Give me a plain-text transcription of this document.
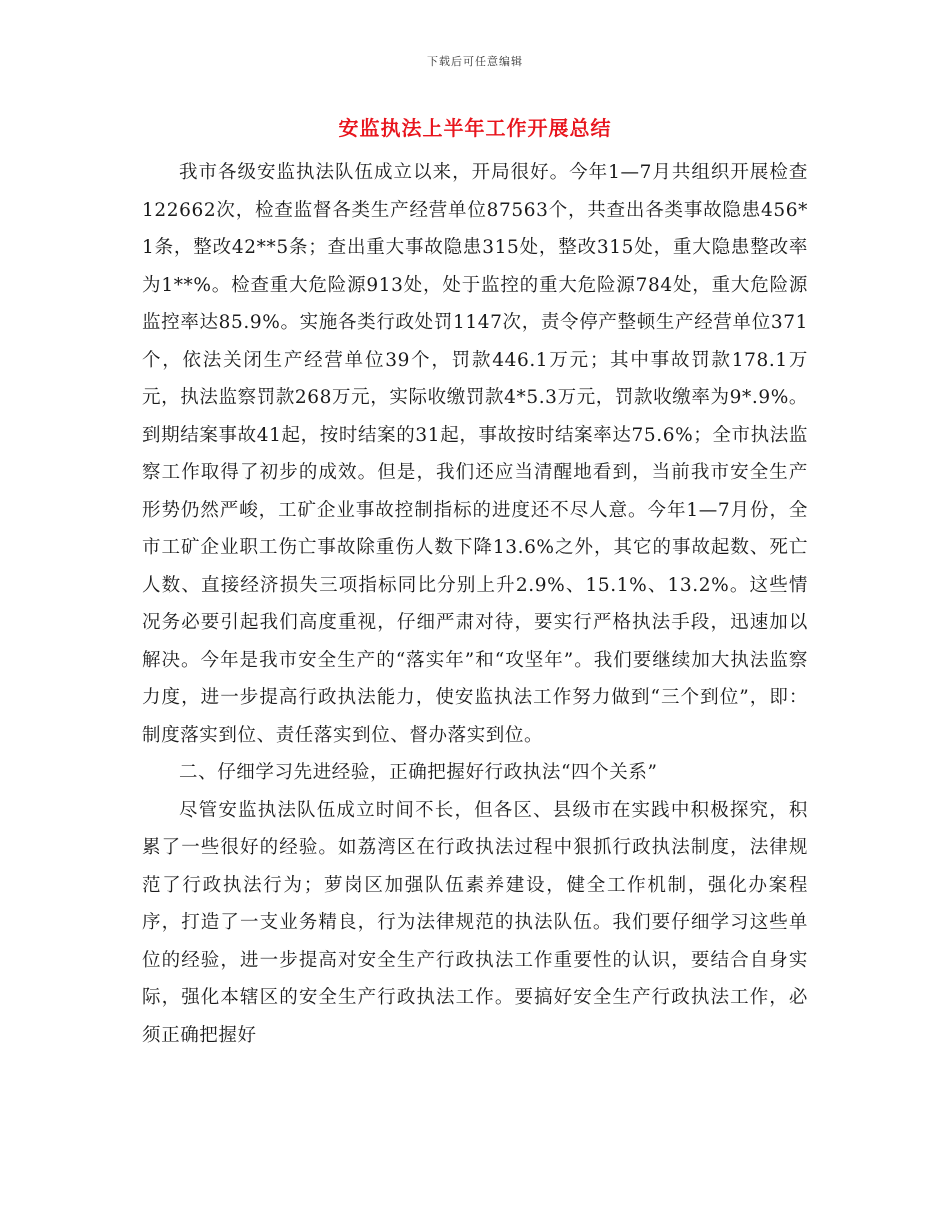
下载后可任意编辑
安监执法上半年工作开展总结

我市各级安监执法队伍成立以来，开局很好。今年1—7月共组织开展检查122662次，检查监督各类生产经营单位87563个，共查出各类事故隐患456*1条，整改42**5条；查出重大事故隐患315处，整改315处，重大隐患整改率为1**%。检查重大危险源913处，处于监控的重大危险源784处，重大危险源监控率达85.9%。实施各类行政处罚1147次，责令停产整顿生产经营单位371个，依法关闭生产经营单位39个，罚款446.1万元；其中事故罚款178.1万元，执法监察罚款268万元，实际收缴罚款4*5.3万元，罚款收缴率为9*.9%。到期结案事故41起，按时结案的31起，事故按时结案率达75.6%；全市执法监察工作取得了初步的成效。但是，我们还应当清醒地看到，当前我市安全生产形势仍然严峻，工矿企业事故控制指标的进度还不尽人意。今年1—7月份，全市工矿企业职工伤亡事故除重伤人数下降13.6%之外，其它的事故起数、死亡人数、直接经济损失三项指标同比分别上升2.9%、15.1%、13.2%。这些情况务必要引起我们高度重视，仔细严肃对待，要实行严格执法手段，迅速加以解决。今年是我市安全生产的“落实年”和“攻坚年”。我们要继续加大执法监察力度，进一步提高行政执法能力，使安监执法工作努力做到“三个到位”，即：制度落实到位、责任落实到位、督办落实到位。

二、仔细学习先进经验，正确把握好行政执法“四个关系”

尽管安监执法队伍成立时间不长，但各区、县级市在实践中积极探究，积累了一些很好的经验。如荔湾区在行政执法过程中狠抓行政执法制度，法律规范了行政执法行为；萝岗区加强队伍素养建设，健全工作机制，强化办案程序，打造了一支业务精良，行为法律规范的执法队伍。我们要仔细学习这些单位的经验，进一步提高对安全生产行政执法工作重要性的认识，要结合自身实际，强化本辖区的安全生产行政执法工作。要搞好安全生产行政执法工作，必须正确把握好
